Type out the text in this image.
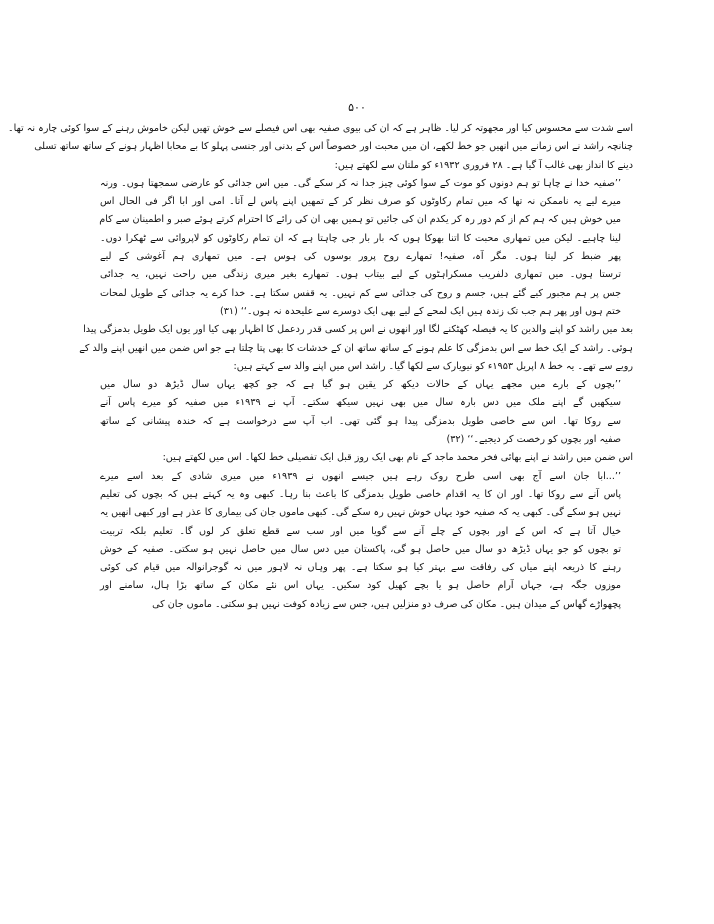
۵۰۰
اسے شدت سے محسوس کیا اور مجھوتہ کر لیا۔ ظاہر ہے کہ ان کی بیوی صفیہ بھی اس فیصلے سے خوش تھیں لیکن خاموش رہنے کے سوا کوئی چارہ نہ تھا۔
چنانچہ راشد نے اس زمانے میں انھیں جو خط لکھے، ان میں محبت اور خصوصاً اس کے بدنی اور جنسی پہلو کا بے محابا اظہار ہونے کے ساتھ ساتھ تسلی
دینے کا انداز بھی غالب آ گیا ہے۔ ۲۸ فروری ۱۹۳۲ء کو ملتان سے لکھتے ہیں:
’’صفیہ خدا نے چاہا تو ہم دونوں کو موت کے سوا کوئی چیز جدا نہ کر سکے گی۔ میں اس جدائی کو عارضی سمجھتا ہوں۔ ورنہ
میرے لیے یہ ناممکن نہ تھا کہ میں تمام رکاوٹوں کو صرف نظر کر کے تمھیں اپنے پاس لے آتا۔ امی اور ابا اگر فی الحال اس
میں خوش ہیں کہ ہم کم از کم دور رہ کر یکدم ان کی جائیں تو ہمیں بھی ان کی رائے کا احترام کرتے ہوئے صبر و اطمینان سے کام
لینا چاہیے۔ لیکن میں تمھاری محبت کا اتنا بھوکا ہوں کہ بار بار جی چاہتا ہے کہ ان تمام رکاوٹوں کو لاپروائی سے ٹھکرا دوں۔
پھر ضبط کر لیتا ہوں۔ مگر آہ، صفیہ! تمھارے روح پرور بوسوں کی ہوس ہے۔ میں تمھاری ہم آغوشی کے لیے
ترستا ہوں۔ میں تمھاری دلفریب مسکراہٹوں کے لیے بیتاب ہوں۔ تمھارے بغیر میری زندگی میں راحت نہیں، یہ جدائی
جس پر ہم مجبور کیے گئے ہیں، جسم و روح کی جدائی سے کم نہیں۔ یہ قفس سکتا ہے۔ خدا کرے یہ جدائی کے طویل لمحات
ختم ہوں اور پھر ہم جب تک زندہ ہیں ایک لمحے کے لیے بھی ایک دوسرے سے علیحدہ نہ ہوں۔‘‘ (۳۱)
بعد میں راشد کو اپنے والدین کا یہ فیصلہ کھٹکنے لگا اور انھوں نے اس پر کسی قدر ردعمل کا اظہار بھی کیا اور یوں ایک طویل بدمزگی پیدا
ہوئی۔ راشد کے ایک خط سے اس بدمزگی کا علم ہونے کے ساتھ ساتھ ان کے خدشات کا بھی پتا چلتا ہے جو اس ضمن میں انھیں اپنے والد کے
رویے سے تھے۔ یہ خط ۸ اپریل ۱۹۵۳ء کو نیویارک سے لکھا گیا۔ راشد اس میں اپنے والد سے کہتے ہیں:
’’بچوں کے بارے میں مجھے یہاں کے حالات دیکھ کر یقین ہو گیا ہے کہ جو کچھ یہاں سال ڈیڑھ دو سال میں
سیکھیں گے اپنے ملک میں دس بارہ سال میں بھی نہیں سیکھ سکتے۔ آپ نے ۱۹۳۹ء میں صفیہ کو میرے پاس آنے
سے روکا تھا۔ اس سے خاصی طویل بدمزگی پیدا ہو گئی تھی۔ اب آپ سے درخواست ہے کہ خندہ پیشانی کے ساتھ
صفیہ اور بچوں کو رخصت کر دیجیے۔‘‘ (۳۲)
اس ضمن میں راشد نے اپنے بھائی فخر محمد ماجد کے نام بھی ایک روز قبل ایک تفصیلی خط لکھا۔ اس میں لکھتے ہیں:
’’...ابا جان اسے آج بھی اسی طرح روک رہے ہیں جیسے انھوں نے ۱۹۳۹ء میں میری شادی کے بعد اسے میرے
پاس آنے سے روکا تھا۔ اور ان کا یہ اقدام خاصی طویل بدمزگی کا باعث بنا رہا۔ کبھی وہ یہ کہتے ہیں کہ بچوں کی تعلیم
نہیں ہو سکے گی۔ کبھی یہ کہ صفیہ خود یہاں خوش نہیں رہ سکے گی۔ کبھی ماموں جان کی بیماری کا عذر ہے اور کبھی انھیں یہ
خیال آتا ہے کہ اس کے اور بچوں کے چلے آنے سے گویا میں اور سب سے قطع تعلق کر لوں گا۔ تعلیم بلکہ تربیت
تو بچوں کو جو یہاں ڈیڑھ دو سال میں حاصل ہو گی، پاکستان میں دس سال میں حاصل نہیں ہو سکتی۔ صفیہ کے خوش
رہنے کا ذریعہ اپنے میاں کی رفاقت سے بہتر کیا ہو سکتا ہے۔ پھر وہاں نہ لاہور میں نہ گوجرانوالہ میں قیام کی کوئی
موزوں جگہ ہے، جہاں آرام حاصل ہو یا بچے کھیل کود سکیں۔ یہاں اس نئے مکان کے ساتھ بڑا ہال، سامنے اور
پچھواڑے گھاس کے میدان ہیں۔ مکان کی صرف دو منزلیں ہیں، جس سے زیادہ کوفت نہیں ہو سکتی۔ ماموں جان کی
